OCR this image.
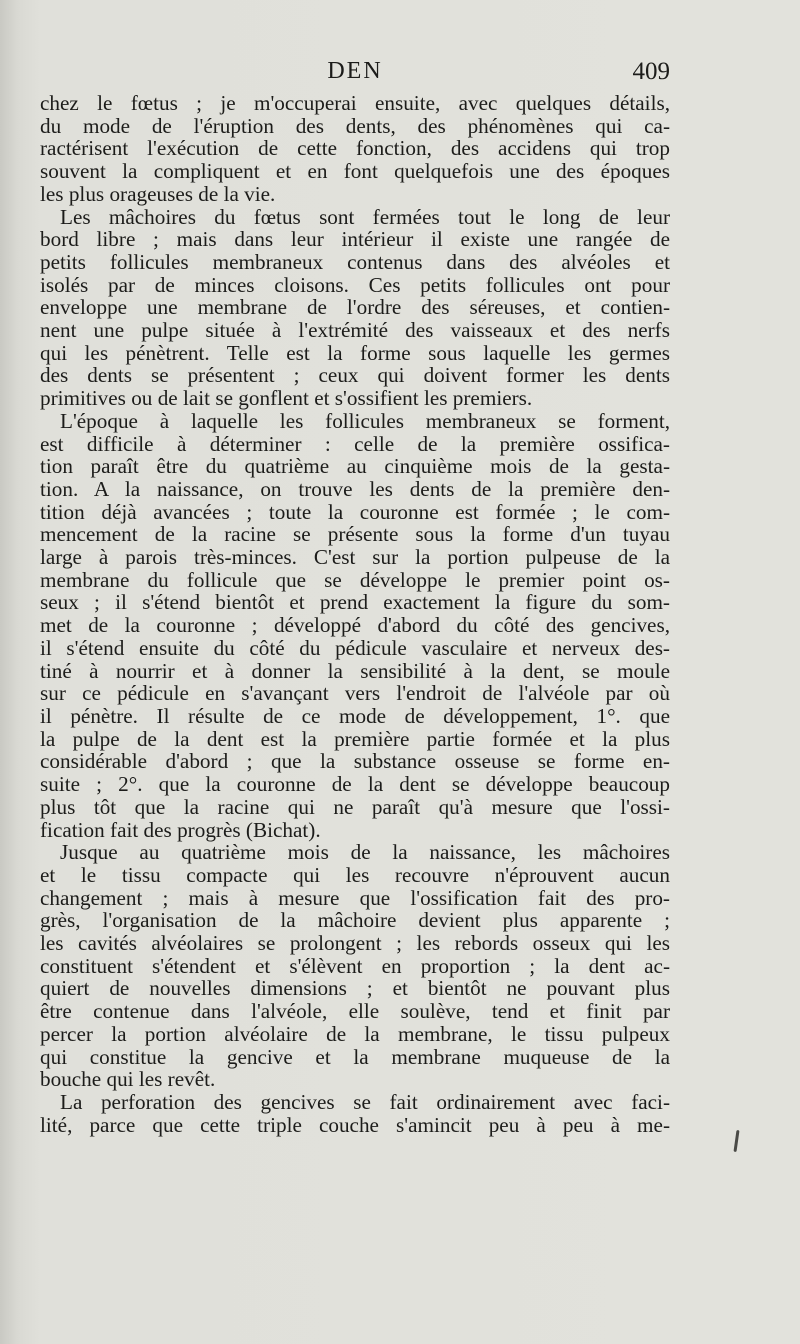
DEN	409

chez le fœtus ; je m'occuperai ensuite, avec quelques détails,
du mode de l'éruption des dents, des phénomènes qui ca-
ractérisent l'exécution de cette fonction, des accidens qui trop
souvent la compliquent et en font quelquefois une des époques
les plus orageuses de la vie.

Les mâchoires du fœtus sont fermées tout le long de leur
bord libre ; mais dans leur intérieur il existe une rangée de
petits follicules membraneux contenus dans des alvéoles et
isolés par de minces cloisons. Ces petits follicules ont pour
enveloppe une membrane de l'ordre des séreuses, et contien-
nent une pulpe située à l'extrémité des vaisseaux et des nerfs
qui les pénètrent. Telle est la forme sous laquelle les germes
des dents se présentent ; ceux qui doivent former les dents
primitives ou de lait se gonflent et s'ossifient les premiers.

L'époque à laquelle les follicules membraneux se forment,
est difficile à déterminer : celle de la première ossifica-
tion paraît être du quatrième au cinquième mois de la gesta-
tion. A la naissance, on trouve les dents de la première den-
tition déjà avancées ; toute la couronne est formée ; le com-
mencement de la racine se présente sous la forme d'un tuyau
large à parois très-minces. C'est sur la portion pulpeuse de la
membrane du follicule que se développe le premier point os-
seux ; il s'étend bientôt et prend exactement la figure du som-
met de la couronne ; développé d'abord du côté des gencives,
il s'étend ensuite du côté du pédicule vasculaire et nerveux des-
tiné à nourrir et à donner la sensibilité à la dent, se moule
sur ce pédicule en s'avançant vers l'endroit de l'alvéole par où
il pénètre. Il résulte de ce mode de développement, 1°. que
la pulpe de la dent est la première partie formée et la plus
considérable d'abord ; que la substance osseuse se forme en-
suite ; 2°. que la couronne de la dent se développe beaucoup
plus tôt que la racine qui ne paraît qu'à mesure que l'ossi-
fication fait des progrès (Bichat).

Jusque au quatrième mois de la naissance, les mâchoires
et le tissu compacte qui les recouvre n'éprouvent aucun
changement ; mais à mesure que l'ossification fait des pro-
grès, l'organisation de la mâchoire devient plus apparente ;
les cavités alvéolaires se prolongent ; les rebords osseux qui les
constituent s'étendent et s'élèvent en proportion ; la dent ac-
quiert de nouvelles dimensions ; et bientôt ne pouvant plus
être contenue dans l'alvéole, elle soulève, tend et finit par
percer la portion alvéolaire de la membrane, le tissu pulpeux
qui constitue la gencive et la membrane muqueuse de la
bouche qui les revêt.

La perforation des gencives se fait ordinairement avec faci-
lité, parce que cette triple couche s'amincit peu à peu à me-
